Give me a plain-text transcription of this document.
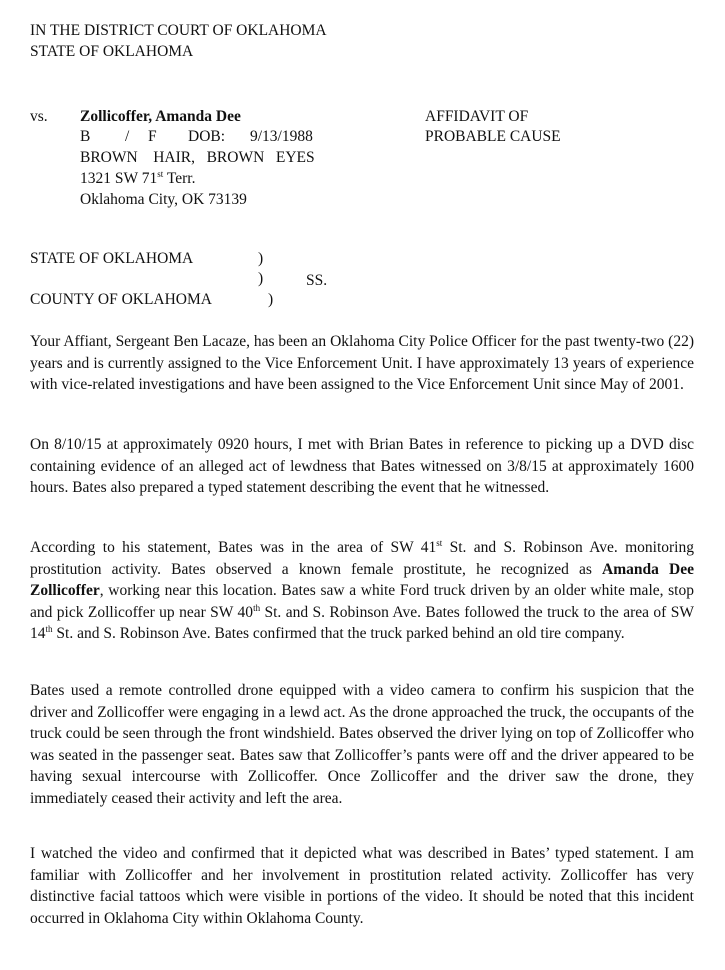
IN THE DISTRICT COURT OF OKLAHOMA
STATE OF OKLAHOMA
vs. Zollicoffer, Amanda Dee
B / F DOB: 9/13/1988
BROWN    HAIR,   BROWN   EYES
1321 SW 71st Terr.
Oklahoma City, OK 73139
AFFIDAVIT OF
PROBABLE CAUSE
STATE OF OKLAHOMA
COUNTY OF OKLAHOMA
)
)
)
SS.
Your Affiant, Sergeant Ben Lacaze, has been an Oklahoma City Police Officer for the past twenty-two (22) years and is currently assigned to the Vice Enforcement Unit. I have approximately 13 years of experience with vice-related investigations and have been assigned to the Vice Enforcement Unit since May of 2001.
On 8/10/15 at approximately 0920 hours, I met with Brian Bates in reference to picking up a DVD disc containing evidence of an alleged act of lewdness that Bates witnessed on 3/8/15 at approximately 1600 hours. Bates also prepared a typed statement describing the event that he witnessed.
According to his statement, Bates was in the area of SW 41st St. and S. Robinson Ave. monitoring prostitution activity. Bates observed a known female prostitute, he recognized as Amanda Dee Zollicoffer, working near this location. Bates saw a white Ford truck driven by an older white male, stop and pick Zollicoffer up near SW 40th St. and S. Robinson Ave. Bates followed the truck to the area of SW 14th St. and S. Robinson Ave. Bates confirmed that the truck parked behind an old tire company.
Bates used a remote controlled drone equipped with a video camera to confirm his suspicion that the driver and Zollicoffer were engaging in a lewd act. As the drone approached the truck, the occupants of the truck could be seen through the front windshield. Bates observed the driver lying on top of Zollicoffer who was seated in the passenger seat. Bates saw that Zollicoffer’s pants were off and the driver appeared to be having sexual intercourse with Zollicoffer. Once Zollicoffer and the driver saw the drone, they immediately ceased their activity and left the area.
I watched the video and confirmed that it depicted what was described in Bates’ typed statement. I am familiar with Zollicoffer and her involvement in prostitution related activity. Zollicoffer has very distinctive facial tattoos which were visible in portions of the video. It should be noted that this incident occurred in Oklahoma City within Oklahoma County.
